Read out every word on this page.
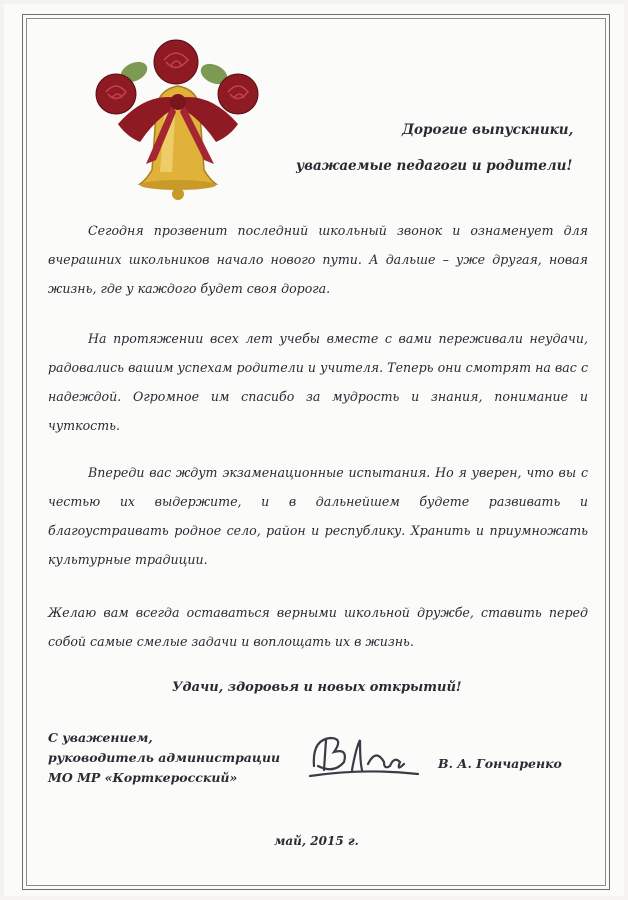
Дорогие выпускники,
уважаемые педагоги и родители!
Сегодня прозвенит последний школьный звонок и ознаменует для вчерашних школьников начало нового пути. А дальше – уже другая, новая жизнь, где у каждого будет своя дорога.
На протяжении всех лет учебы вместе с вами переживали неудачи, радовались вашим успехам родители и учителя. Теперь они смотрят на вас с надеждой. Огромное им спасибо за мудрость и знания, понимание и чуткость.
Впереди вас ждут экзаменационные испытания. Но я уверен, что вы с честью их выдержите, и в дальнейшем будете развивать и благоустраивать родное село, район и республику. Хранить и приумножать культурные традиции.
Желаю вам всегда оставаться верными школьной дружбе, ставить перед собой самые смелые задачи и воплощать их в жизнь.
Удачи, здоровья и новых открытий!
С уважением,
руководитель администрации
МО МР «Корткеросский»
В. А. Гончаренко
май, 2015 г.
